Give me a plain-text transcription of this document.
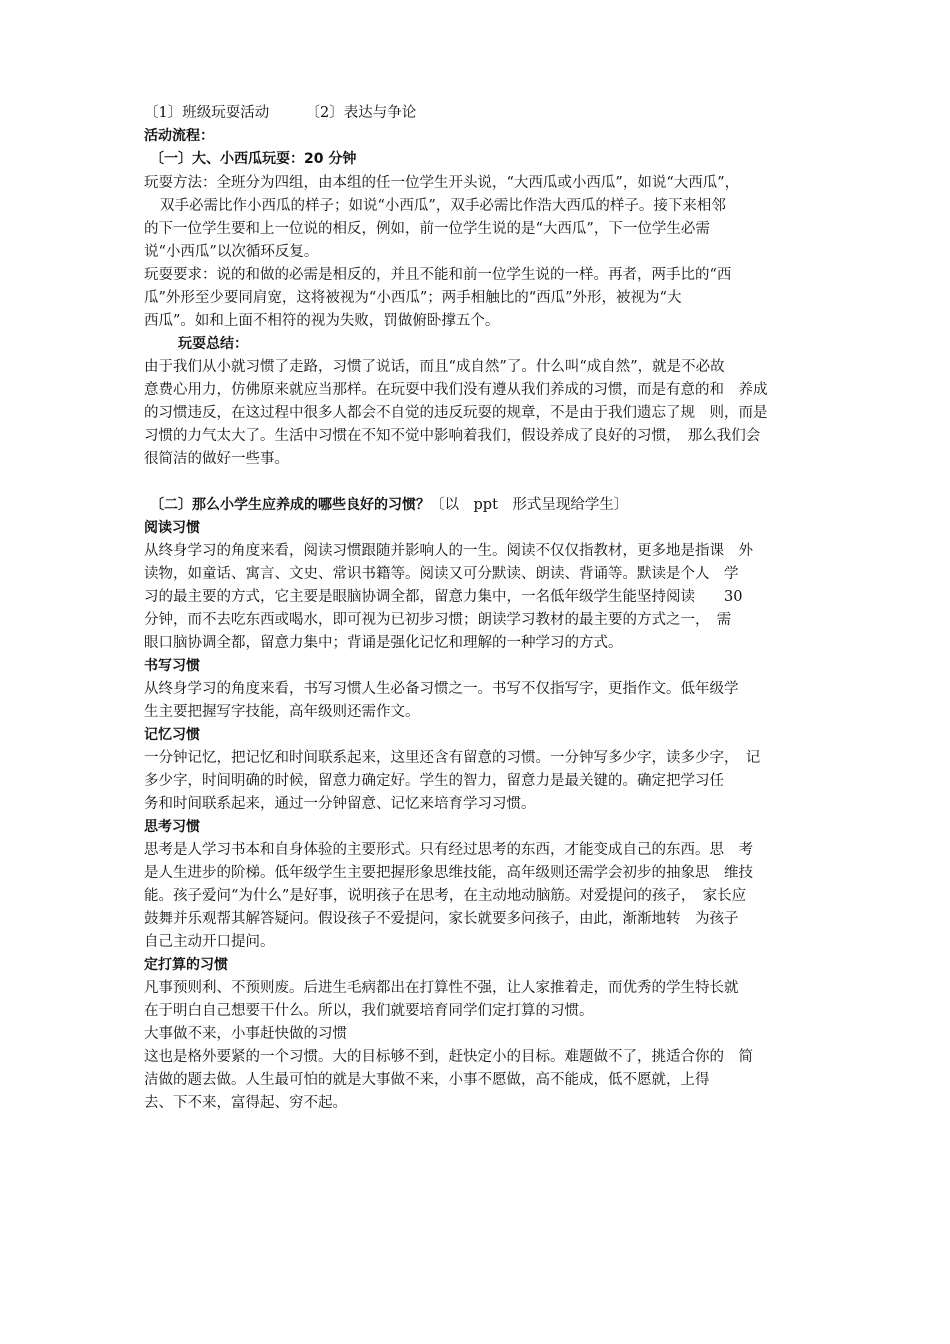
〔1〕班级玩耍活动　　　〔2〕表达与争论
活动流程：
〔一〕大、小西瓜玩耍：20 分钟
玩耍方法：全班分为四组，由本组的任一位学生开头说，“大西瓜或小西瓜”，如说“大西瓜”，
双手必需比作小西瓜的样子；如说“小西瓜”，双手必需比作浩大西瓜的样子。接下来相邻
的下一位学生要和上一位说的相反，例如，前一位学生说的是“大西瓜”，下一位学生必需
说“小西瓜”以次循环反复。
玩耍要求：说的和做的必需是相反的，并且不能和前一位学生说的一样。再者，两手比的“西
瓜”外形至少要同肩宽，这将被视为“小西瓜”；两手相触比的“西瓜”外形，被视为“大
西瓜”。如和上面不相符的视为失败，罚做俯卧撑五个。
玩耍总结：
由于我们从小就习惯了走路，习惯了说话，而且“成自然”了。什么叫“成自然”，就是不必故
意费心用力，仿佛原来就应当那样。在玩耍中我们没有遵从我们养成的习惯，而是有意的和　养成
的习惯违反，在这过程中很多人都会不自觉的违反玩耍的规章，不是由于我们遗忘了规　则，而是
习惯的力气太大了。生活中习惯在不知不觉中影响着我们，假设养成了良好的习惯，　那么我们会
很简洁的做好一些事。
〔二〕那么小学生应养成的哪些良好的习惯？〔以　ppt　形式呈现给学生〕
阅读习惯
从终身学习的角度来看，阅读习惯跟随并影响人的一生。阅读不仅仅指教材，更多地是指课　外
读物，如童话、寓言、文史、常识书籍等。阅读又可分默读、朗读、背诵等。默读是个人　学
习的最主要的方式，它主要是眼脑协调全都，留意力集中，一名低年级学生能坚持阅读　　30
分钟，而不去吃东西或喝水，即可视为已初步习惯；朗读学习教材的最主要的方式之一，　需
眼口脑协调全都，留意力集中；背诵是强化记忆和理解的一种学习的方式。
书写习惯
从终身学习的角度来看，书写习惯人生必备习惯之一。书写不仅指写字，更指作文。低年级学
生主要把握写字技能，高年级则还需作文。
记忆习惯
一分钟记忆，把记忆和时间联系起来，这里还含有留意的习惯。一分钟写多少字，读多少字，　记
多少字，时间明确的时候，留意力确定好。学生的智力，留意力是最关键的。确定把学习任
务和时间联系起来，通过一分钟留意、记忆来培育学习习惯。
思考习惯
思考是人学习书本和自身体验的主要形式。只有经过思考的东西，才能变成自己的东西。思　考
是人生进步的阶梯。低年级学生主要把握形象思维技能，高年级则还需学会初步的抽象思　维技
能。孩子爱问“为什么”是好事，说明孩子在思考，在主动地动脑筋。对爱提问的孩子，　家长应
鼓舞并乐观帮其解答疑问。假设孩子不爱提问，家长就要多问孩子，由此，渐渐地转　为孩子
自己主动开口提问。
定打算的习惯
凡事预则利、不预则废。后进生毛病都出在打算性不强，让人家推着走，而优秀的学生特长就
在于明白自己想要干什么。所以，我们就要培育同学们定打算的习惯。
大事做不来，小事赶快做的习惯
这也是格外要紧的一个习惯。大的目标够不到，赶快定小的目标。难题做不了，挑适合你的　简
洁做的题去做。人生最可怕的就是大事做不来，小事不愿做，高不能成，低不愿就，上得
去、下不来，富得起、穷不起。
